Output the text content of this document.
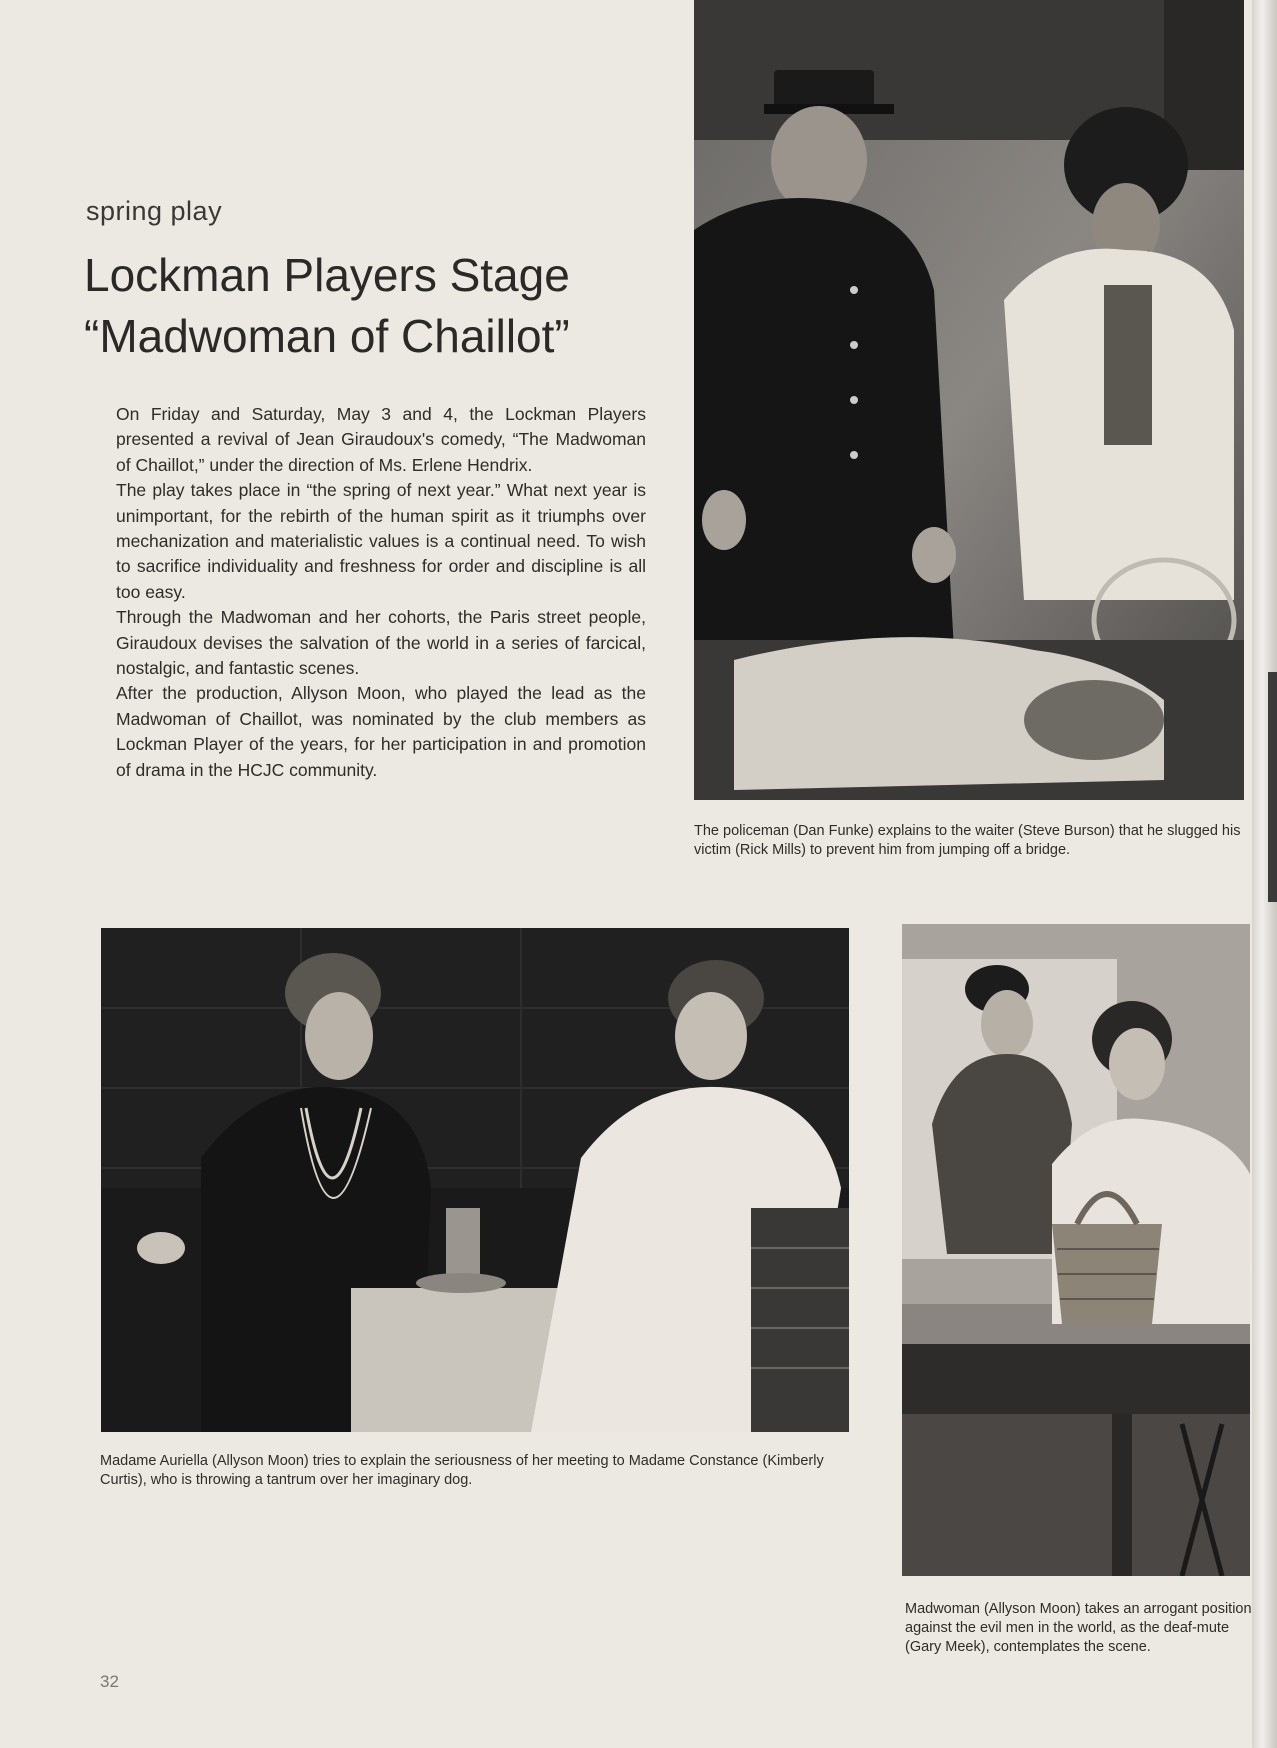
spring play
Lockman Players Stage
“Madwoman of Chaillot”

On Friday and Saturday, May 3 and 4, the Lockman Players presented a revival of Jean Giraudoux's comedy, “The Madwoman of Chaillot,” under the direction of Ms. Erlene Hendrix.

The play takes place in “the spring of next year.” What next year is unimportant, for the rebirth of the human spirit as it triumphs over mechanization and materialistic values is a continual need. To wish to sacrifice individuality and freshness for order and discipline is all too easy.

Through the Madwoman and her cohorts, the Paris street people, Giraudoux devises the salvation of the world in a series of farcical, nostalgic, and fantastic scenes.

After the production, Allyson Moon, who played the lead as the Madwoman of Chaillot, was nominated by the club members as Lockman Player of the years, for her participation in and promotion of drama in the HCJC community.

The policeman (Dan Funke) explains to the waiter (Steve Burson) that he slugged his victim (Rick Mills) to prevent him from jumping off a bridge.
Madame Auriella (Allyson Moon) tries to explain the seriousness of her meeting to Madame Constance (Kimberly Curtis), who is throwing a tantrum over her imaginary dog.
Madwoman (Allyson Moon) takes an arrogant position against the evil men in the world, as the deaf-mute (Gary Meek), contemplates the scene.
32
